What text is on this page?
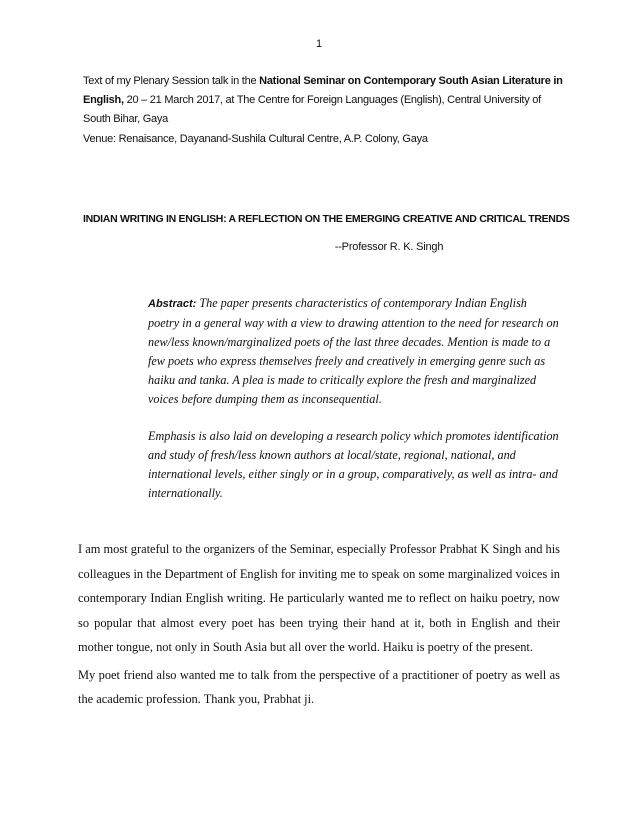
1
Text of my Plenary Session talk in the National Seminar on Contemporary South Asian Literature in English, 20 – 21 March 2017, at The Centre for Foreign Languages (English), Central University of South Bihar, Gaya
Venue: Renaisance, Dayanand-Sushila Cultural Centre, A.P. Colony, Gaya
INDIAN WRITING IN ENGLISH: A REFLECTION ON THE EMERGING CREATIVE AND CRITICAL TRENDS
--Professor R. K. Singh

Abstract: The paper presents characteristics of contemporary Indian English poetry in a general way with a view to drawing attention to the need for research on new/less known/marginalized poets of the last three decades. Mention is made to a few poets who express themselves freely and creatively in emerging genre such as haiku and tanka. A plea is made to critically explore the fresh and marginalized voices before dumping them as inconsequential.

Emphasis is also laid on developing a research policy which promotes identification and study of fresh/less known authors at local/state, regional, national, and international levels, either singly or in a group, comparatively, as well as intra- and internationally.

I am most grateful to the organizers of the Seminar, especially Professor Prabhat K Singh and his colleagues in the Department of English for inviting me to speak on some marginalized voices in contemporary Indian English writing. He particularly wanted me to reflect on haiku poetry, now so popular that almost every poet has been trying their hand at it, both in English and their mother tongue, not only in South Asia but all over the world. Haiku is poetry of the present.

My poet friend also wanted me to talk from the perspective of a practitioner of poetry as well as the academic profession. Thank you, Prabhat ji.
